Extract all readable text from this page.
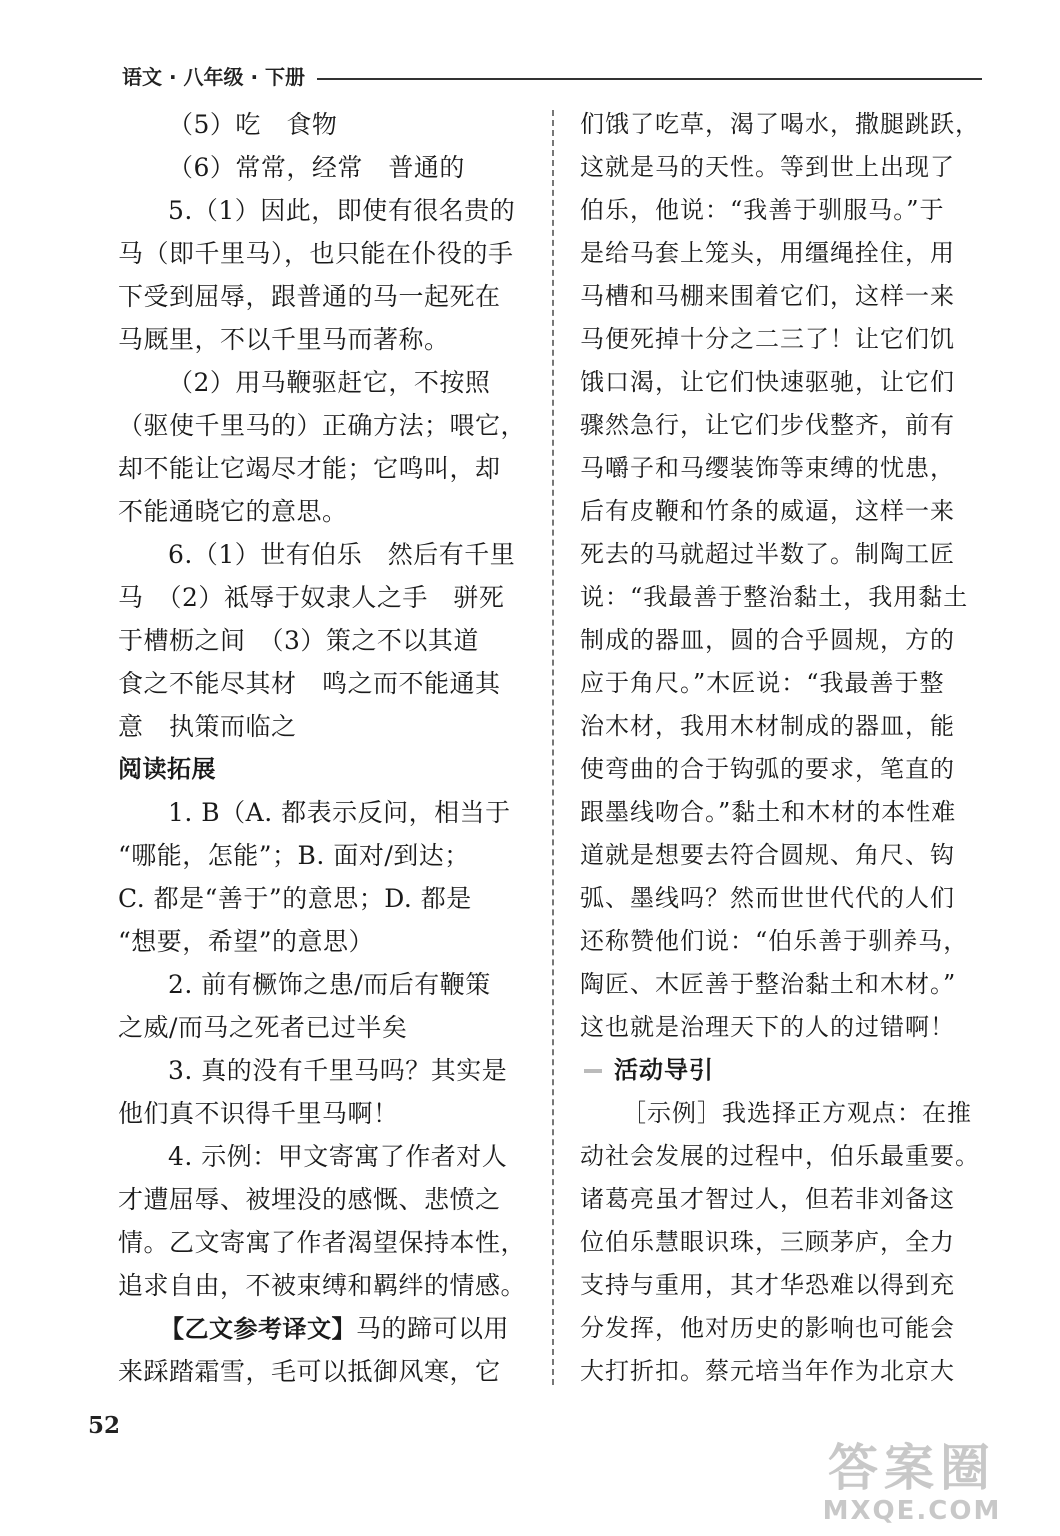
语文 · 八年级 · 下册
（5）吃　食物
（6）常常，经常　普通的
5.（1）因此，即使有很名贵的
马（即千里马），也只能在仆役的手
下受到屈辱，跟普通的马一起死在
马厩里，不以千里马而著称。
（2）用马鞭驱赶它，不按照
（驱使千里马的）正确方法；喂它，
却不能让它竭尽才能；它鸣叫，却
不能通晓它的意思。
6.（1）世有伯乐　然后有千里
马　（2）祗辱于奴隶人之手　骈死
于槽枥之间　（3）策之不以其道
食之不能尽其材　鸣之而不能通其
意　执策而临之
阅读拓展
1. B（A. 都表示反问，相当于
“哪能，怎能”；B. 面对/到达；
C. 都是“善于”的意思；D. 都是
“想要，希望”的意思）
2. 前有橛饰之患/而后有鞭策
之威/而马之死者已过半矣
3. 真的没有千里马吗？其实是
他们真不识得千里马啊！
4. 示例：甲文寄寓了作者对人
才遭屈辱、被埋没的感慨、悲愤之
情。乙文寄寓了作者渴望保持本性，
追求自由，不被束缚和羁绊的情感。
【乙文参考译文】马的蹄可以用
来踩踏霜雪，毛可以抵御风寒，它
们饿了吃草，渴了喝水，撒腿跳跃，
这就是马的天性。等到世上出现了
伯乐，他说：“我善于驯服马。”于
是给马套上笼头，用缰绳拴住，用
马槽和马棚来围着它们，这样一来
马便死掉十分之二三了！让它们饥
饿口渴，让它们快速驱驰，让它们
骤然急行，让它们步伐整齐，前有
马嚼子和马缨装饰等束缚的忧患，
后有皮鞭和竹条的威逼，这样一来
死去的马就超过半数了。制陶工匠
说：“我最善于整治黏土，我用黏土
制成的器皿，圆的合乎圆规，方的
应于角尺。”木匠说：“我最善于整
治木材，我用木材制成的器皿，能
使弯曲的合于钩弧的要求，笔直的
跟墨线吻合。”黏土和木材的本性难
道就是想要去符合圆规、角尺、钩
弧、墨线吗？然而世世代代的人们
还称赞他们说：“伯乐善于驯养马，
陶匠、木匠善于整治黏土和木材。”
这也就是治理天下的人的过错啊！
活动导引
［示例］我选择正方观点：在推
动社会发展的过程中，伯乐最重要。
诸葛亮虽才智过人，但若非刘备这
位伯乐慧眼识珠，三顾茅庐，全力
支持与重用，其才华恐难以得到充
分发挥，他对历史的影响也可能会
大打折扣。蔡元培当年作为北京大
52
答案圈
MXQE.COM
